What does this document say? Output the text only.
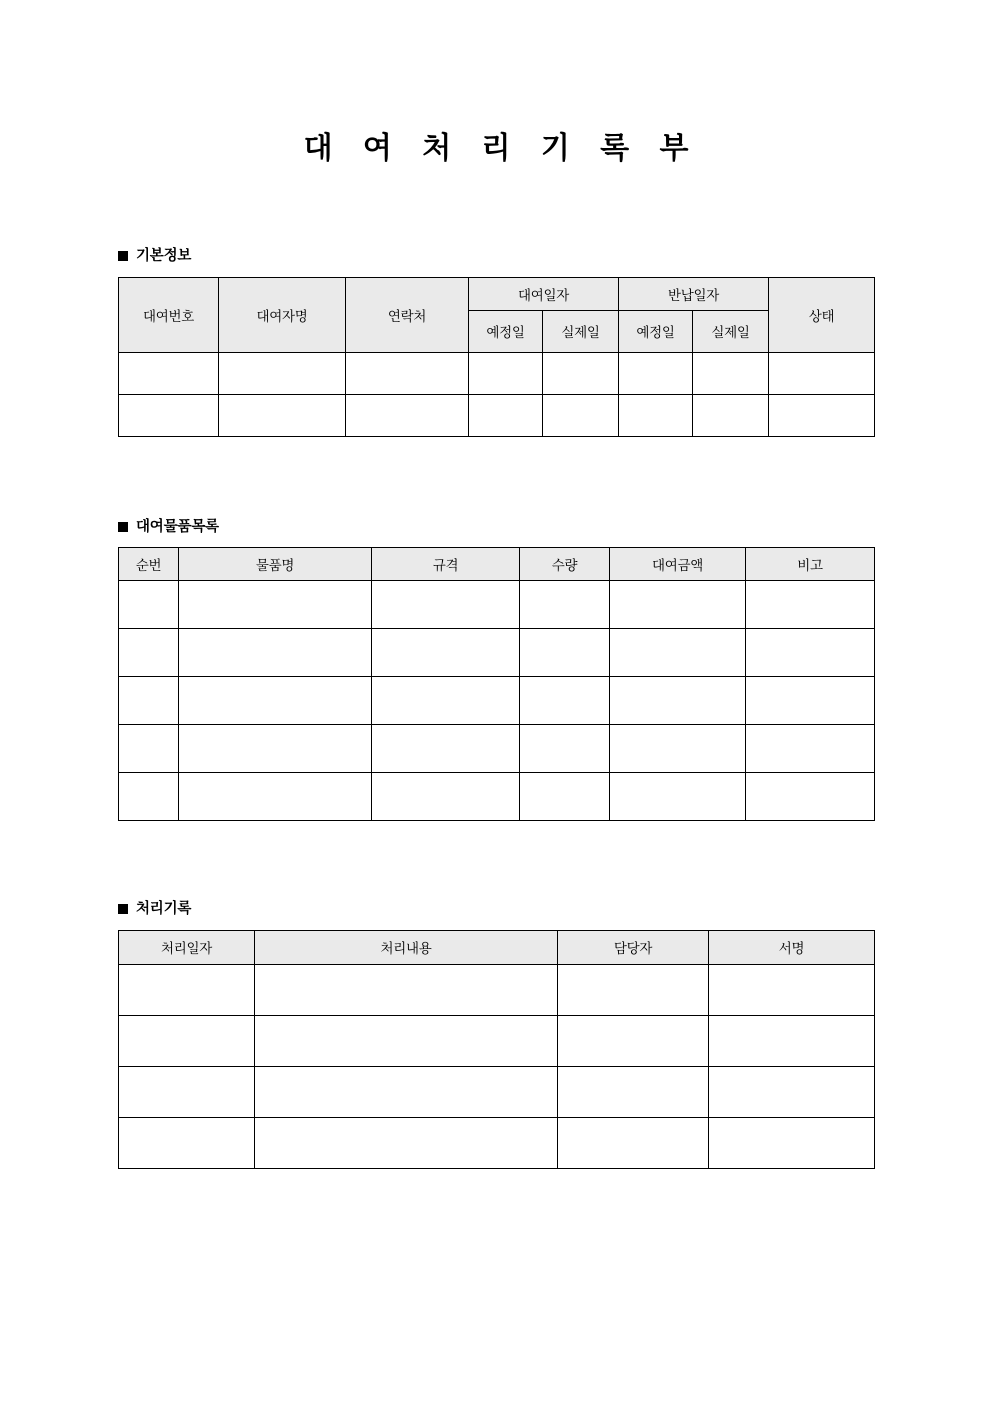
대 여 처 리 기 록 부
기본정보
대여번호	대여자명	연락처	대여일자		반납일자		상태
			예정일	실제일	예정일	실제일	

대여물품목록
순번	물품명	규격	수량	대여금액	비고

처리기록
처리일자	처리내용	담당자	서명
